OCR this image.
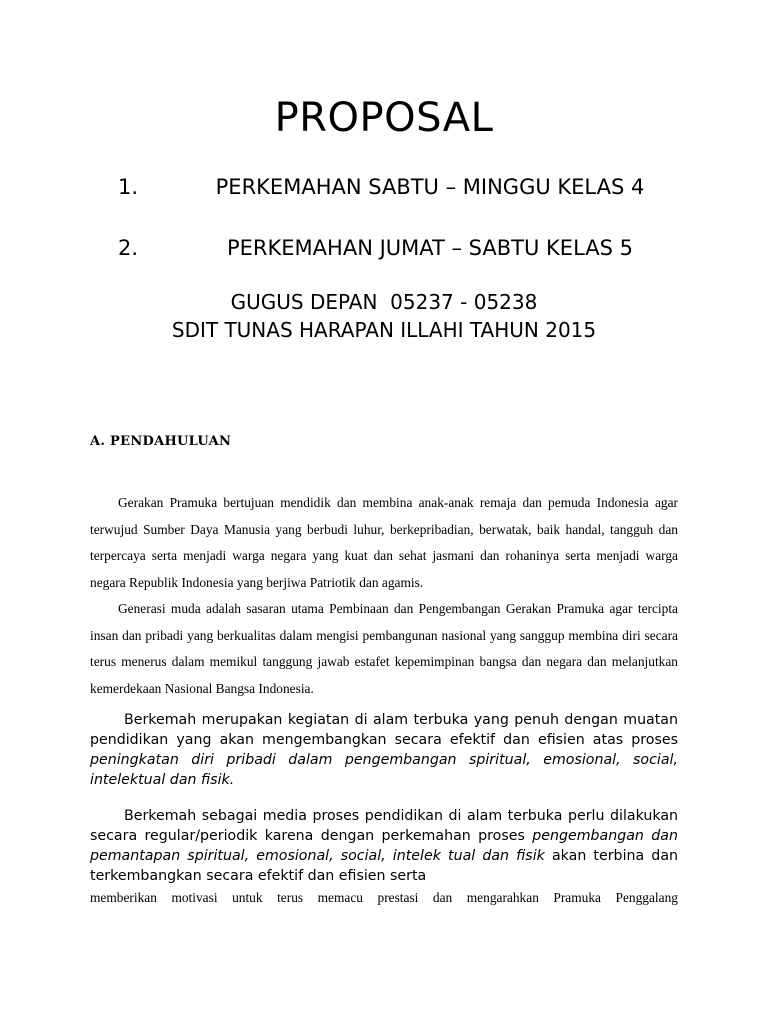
PROPOSAL
1.	PERKEMAHAN SABTU – MINGGU KELAS 4
2.	PERKEMAHAN JUMAT – SABTU KELAS 5
GUGUS DEPAN  05237 - 05238
SDIT TUNAS HARAPAN ILLAHI TAHUN 2015
A. PENDAHULUAN

Gerakan Pramuka bertujuan mendidik dan membina anak-anak remaja dan pemuda Indonesia agar terwujud Sumber Daya Manusia yang berbudi luhur, berkepribadian, berwatak, baik handal, tangguh dan terpercaya serta menjadi warga negara yang kuat dan sehat jasmani dan rohaninya serta menjadi warga negara Republik Indonesia yang berjiwa Patriotik dan agamis.

Generasi muda adalah sasaran utama Pembinaan dan Pengembangan Gerakan Pramuka agar tercipta insan dan pribadi yang berkualitas dalam mengisi pembangunan nasional yang sanggup membina diri secara terus menerus dalam memikul tanggung jawab estafet kepemimpinan bangsa dan negara dan melanjutkan kemerdekaan Nasional Bangsa Indonesia.

Berkemah merupakan kegiatan di alam terbuka yang penuh dengan muatan pendidikan yang akan mengembangkan secara efektif dan efisien atas proses peningkatan diri pribadi dalam pengembangan spiritual, emosional, social, intelektual dan fisik.

Berkemah sebagai media proses pendidikan di alam terbuka perlu dilakukan secara regular/periodik karena dengan perkemahan proses pengembangan dan pemantapan spiritual, emosional, social, intelek tual dan fisik akan terbina dan terkembangkan secara efektif dan efisien serta

memberikan motivasi untuk terus memacu prestasi dan mengarahkan Pramuka Penggalang
